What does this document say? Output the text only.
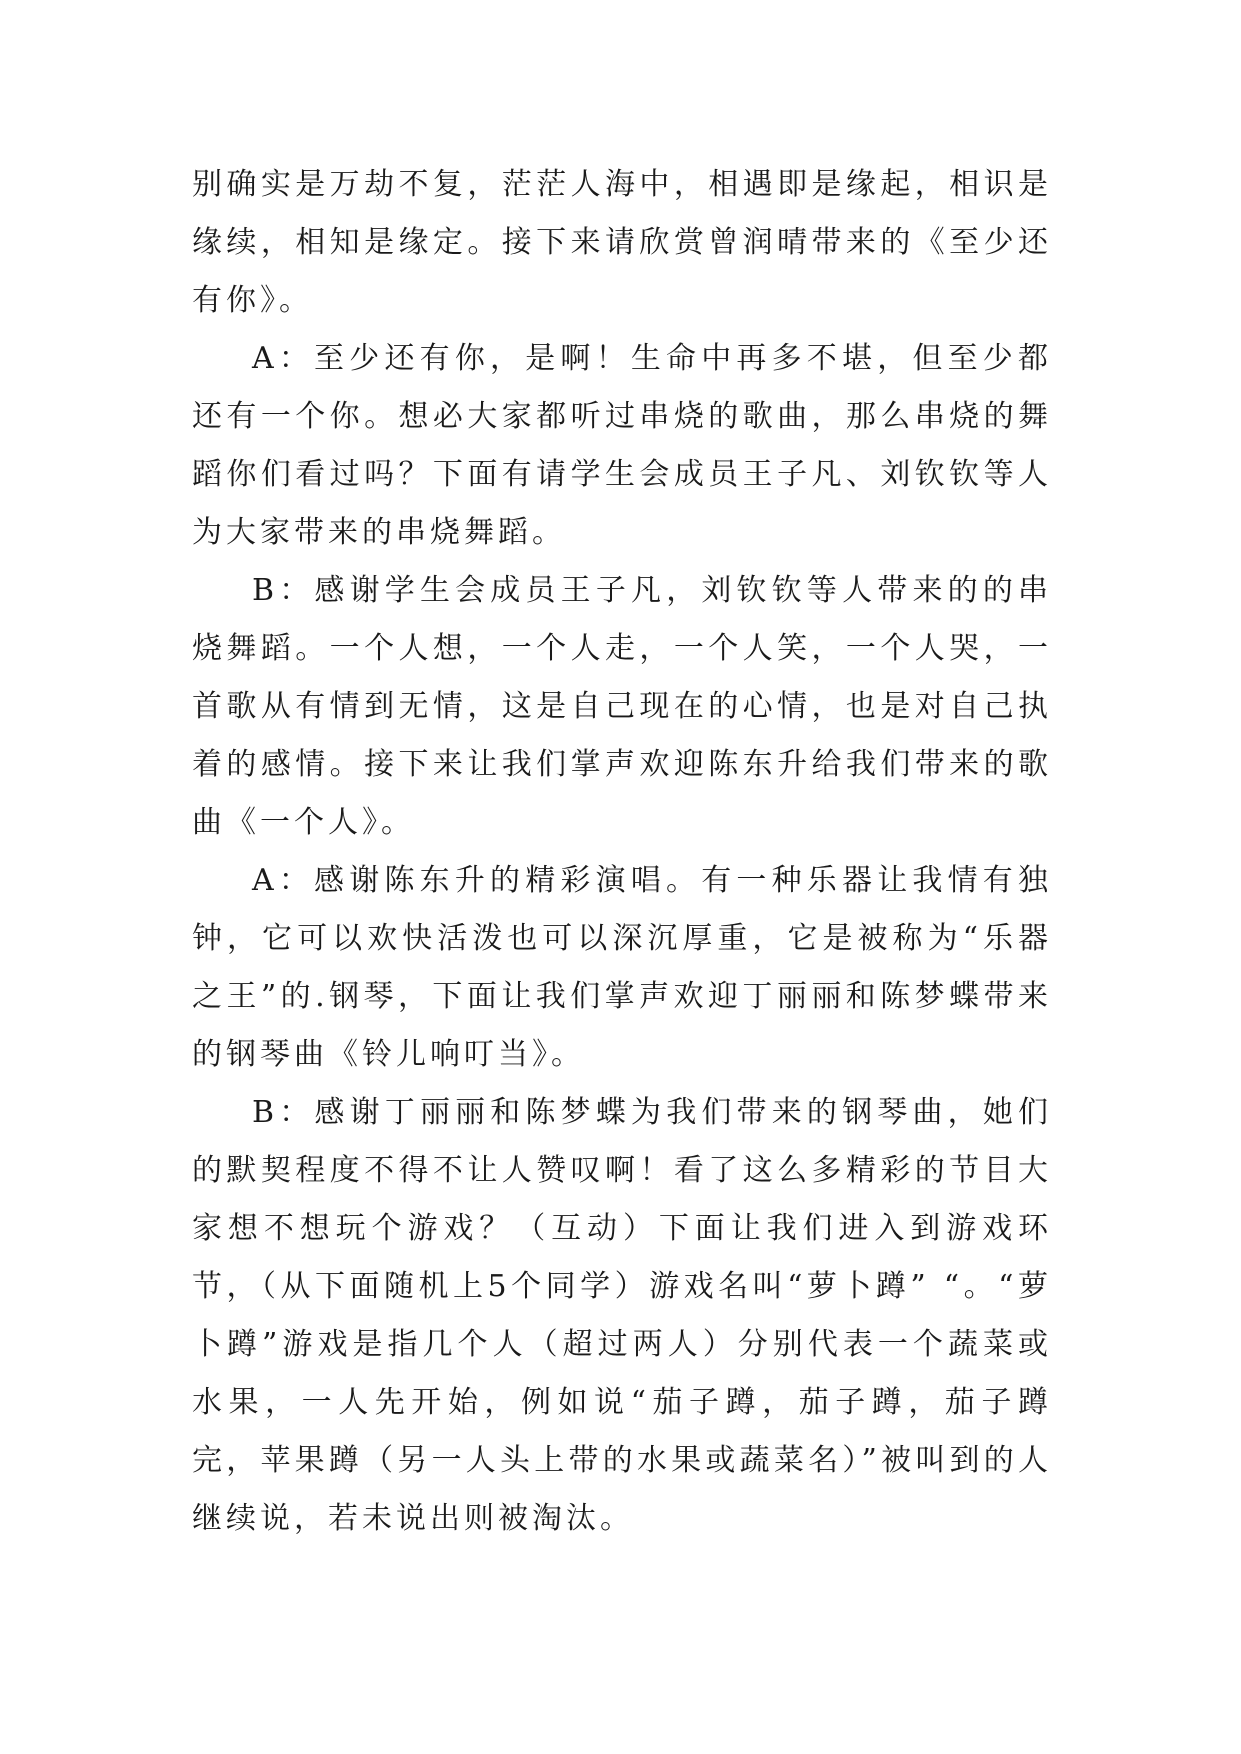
别确实是万劫不复，茫茫人海中，相遇即是缘起，相识是缘续，相知是缘定。接下来请欣赏曾润晴带来的《至少还有你》。

A：至少还有你，是啊！生命中再多不堪，但至少都还有一个你。想必大家都听过串烧的歌曲，那么串烧的舞蹈你们看过吗？下面有请学生会成员王子凡、刘钦钦等人为大家带来的串烧舞蹈。

B：感谢学生会成员王子凡，刘钦钦等人带来的的串烧舞蹈。一个人想，一个人走，一个人笑，一个人哭，一首歌从有情到无情，这是自己现在的心情，也是对自己执着的感情。接下来让我们掌声欢迎陈东升给我们带来的歌曲《一个人》。

A：感谢陈东升的精彩演唱。有一种乐器让我情有独钟，它可以欢快活泼也可以深沉厚重，它是被称为“乐器之王”的.钢琴，下面让我们掌声欢迎丁丽丽和陈梦蝶带来的钢琴曲《铃儿响叮当》。

B：感谢丁丽丽和陈梦蝶为我们带来的钢琴曲，她们的默契程度不得不让人赞叹啊！看了这么多精彩的节目大家想不想玩个游戏？（互动）下面让我们进入到游戏环节，（从下面随机上5个同学）游戏名叫“萝卜蹲” “。“萝卜蹲”游戏是指几个人（超过两人）分别代表一个蔬菜或水果，一人先开始，例如说“茄子蹲，茄子蹲，茄子蹲完，苹果蹲（另一人头上带的水果或蔬菜名）”被叫到的人继续说，若未说出则被淘汰。
